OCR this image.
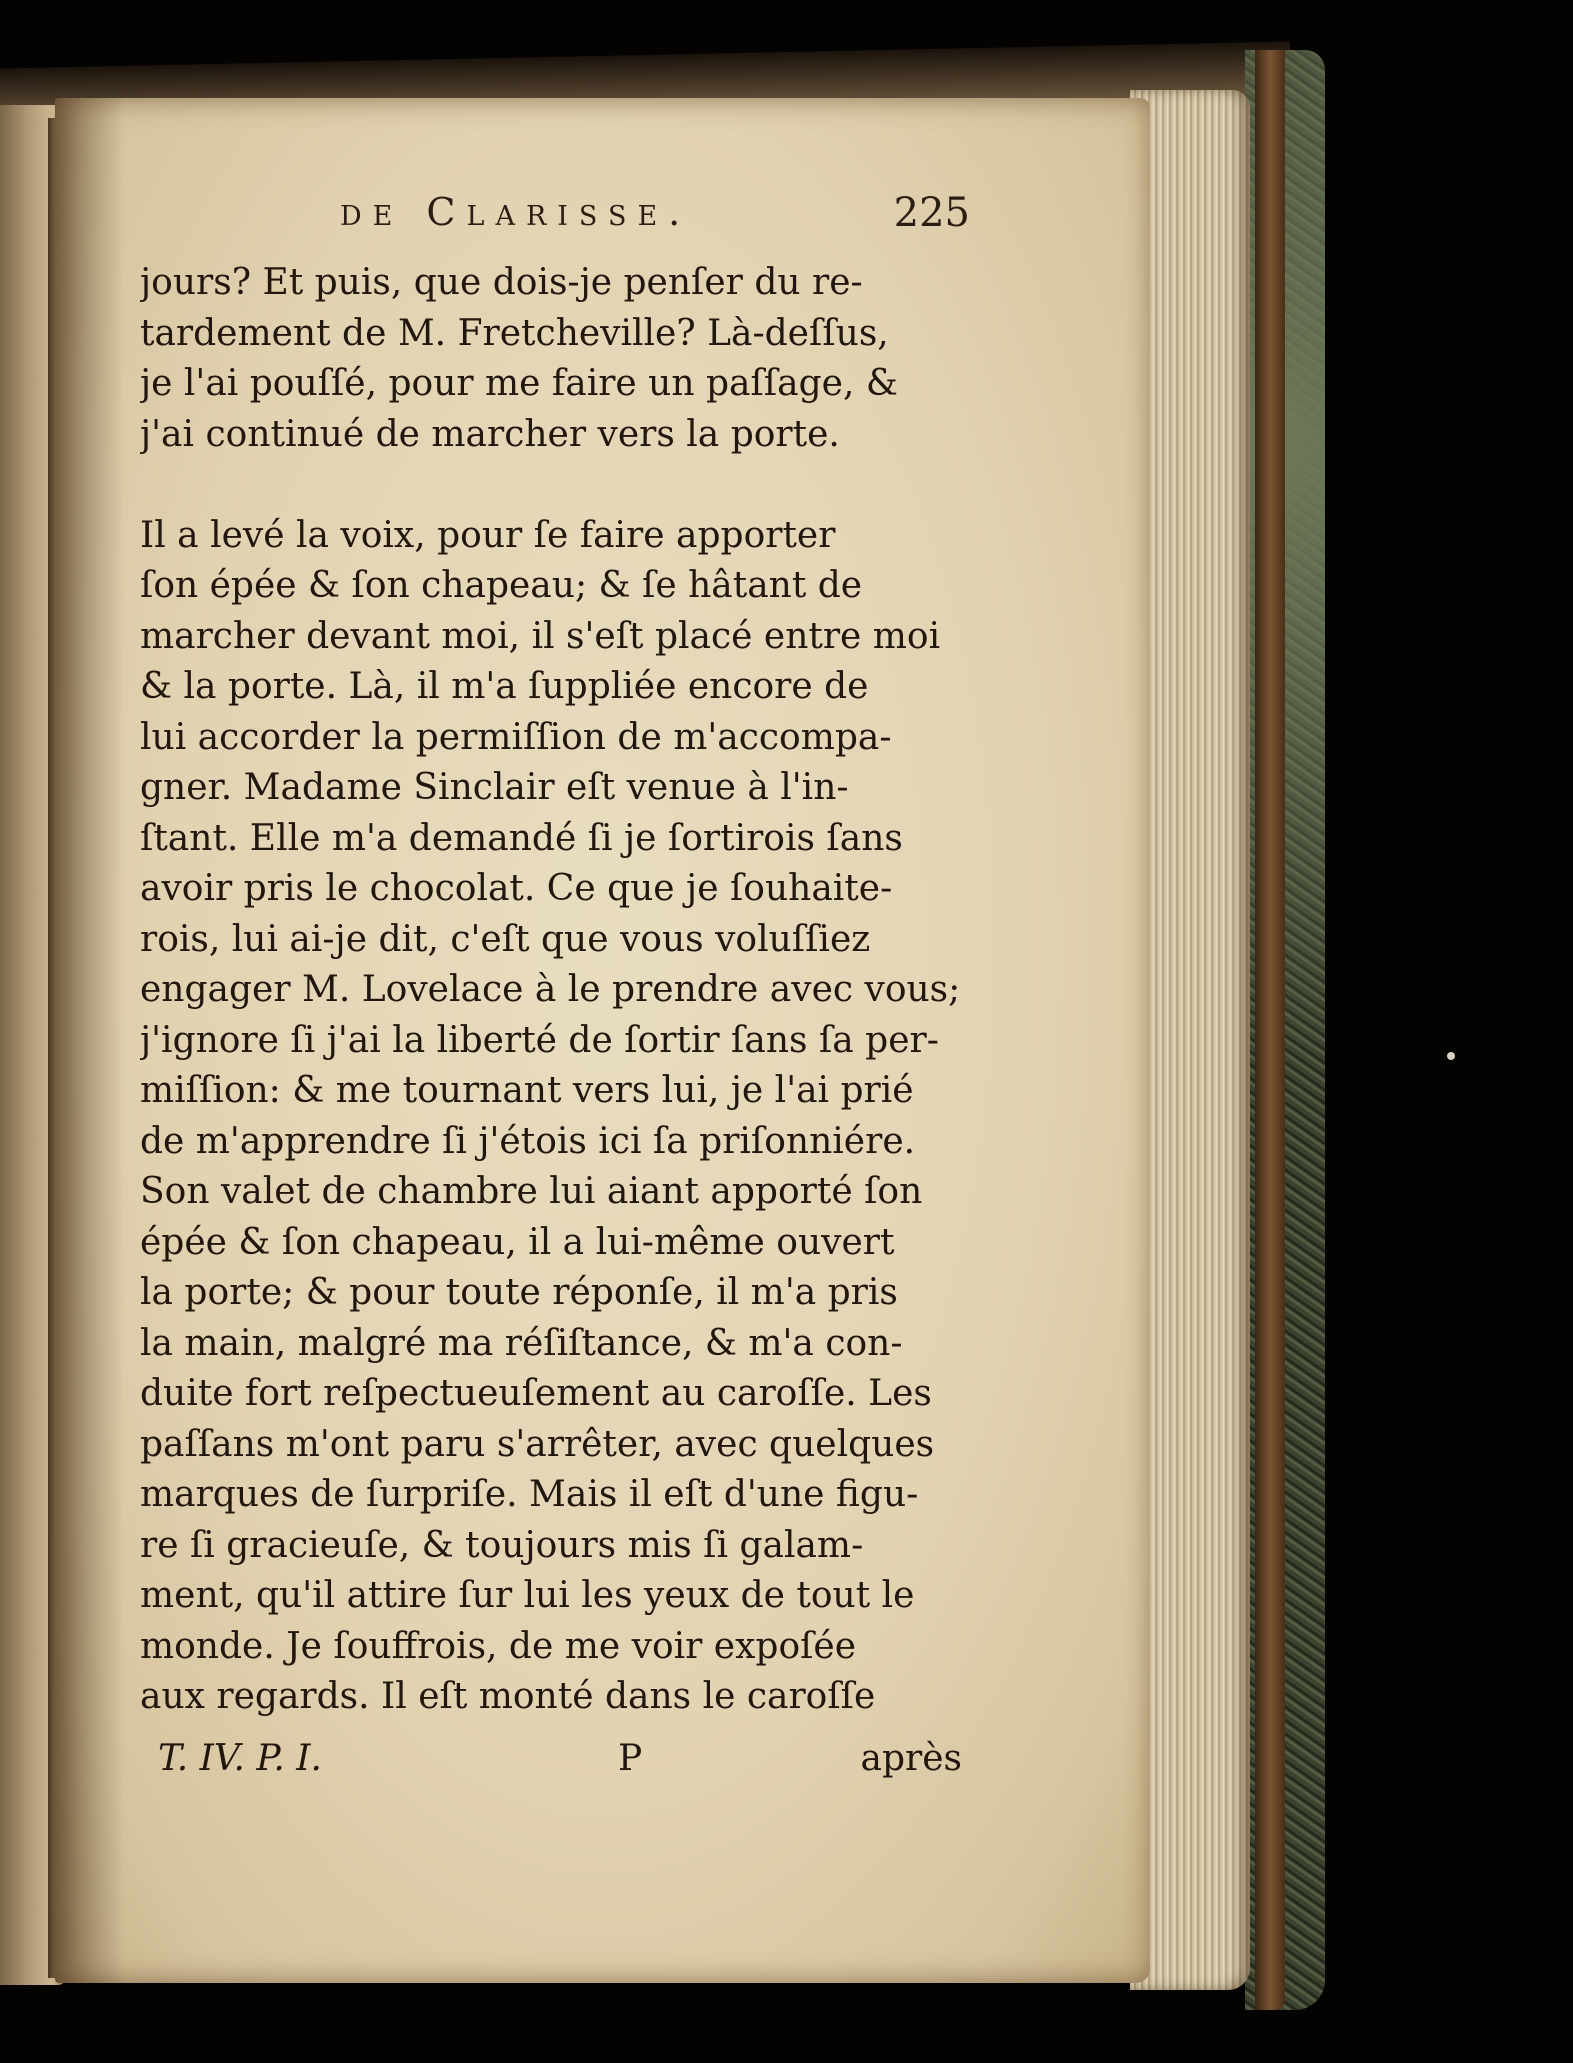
de Clarisse.	225
jours? Et puis, que dois-je penſer du re-
tardement de M. Fretcheville? Là-deſſus,
je l'ai pouſſé, pour me faire un paſſage, &
j'ai continué de marcher vers la porte.
Il a levé la voix, pour ſe faire apporter
ſon épée & ſon chapeau; & ſe hâtant de
marcher devant moi, il s'eſt placé entre moi
& la porte. Là, il m'a ſuppliée encore de
lui accorder la permiſſion de m'accompa-
gner. Madame Sinclair eſt venue à l'in-
ſtant. Elle m'a demandé ſi je ſortirois ſans
avoir pris le chocolat. Ce que je ſouhaite-
rois, lui ai-je dit, c'eſt que vous voluſſiez
engager M. Lovelace à le prendre avec vous;
j'ignore ſi j'ai la liberté de ſortir ſans ſa per-
miſſion: & me tournant vers lui, je l'ai prié
de m'apprendre ſi j'étois ici ſa priſonniére.
Son valet de chambre lui aiant apporté ſon
épée & ſon chapeau, il a lui-même ouvert
la porte; & pour toute réponſe, il m'a pris
la main, malgré ma réſiſtance, & m'a con-
duite fort reſpectueuſement au caroſſe. Les
paſſans m'ont paru s'arrêter, avec quelques
marques de ſurpriſe. Mais il eſt d'une figu-
re ſi gracieuſe, & toujours mis ſi galam-
ment, qu'il attire ſur lui les yeux de tout le
monde. Je ſouffrois, de me voir expoſée
aux regards. Il eſt monté dans le caroſſe
T. IV. P. I.	P	après
